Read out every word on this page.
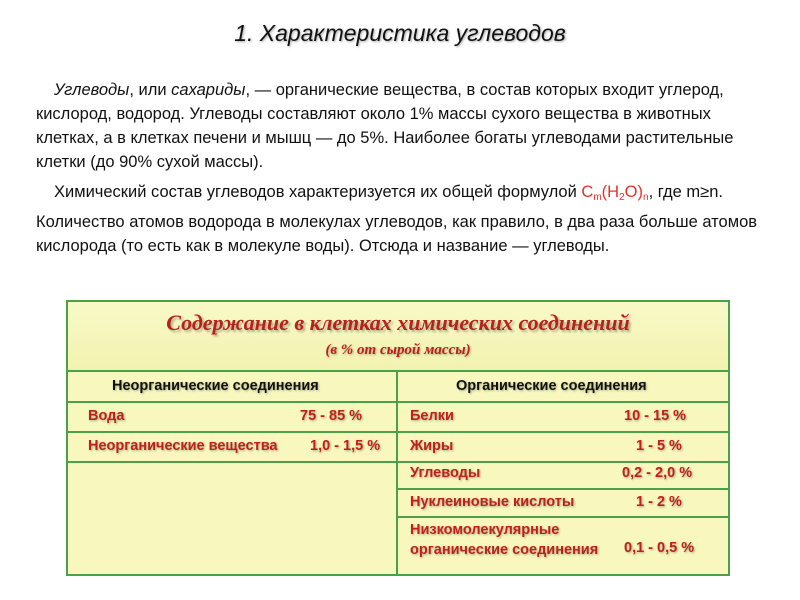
1. Характеристика углеводов
Углеводы, или сахариды, — органические вещества, в состав которых входит углерод, кислород, водород. Углеводы составляют около 1% массы сухого вещества в животных клетках, а в клетках печени и мышц — до 5%. Наиболее богаты углеводами растительные клетки (до 90% сухой массы).
Химический состав углеводов характеризуется их общей формулой $C_m(H_2O)_n$, где m≥n. Количество атомов водорода в молекулах углеводов, как правило, в два раза больше атомов кислорода (то есть как в молекуле воды). Отсюда и название — углеводы.
Содержание в клетках химических соединений
(в % от сырой массы)
Неорганические соединения	Органические соединения
Вода	75 - 85 %
Неорганические вещества 1,0 - 1,5 %
Белки	10 - 15 %
Жиры	1 - 5 %
Углеводы	0,2 - 2,0 %
Нуклеиновые кислоты	1 - 2 %
Низкомолекулярные органические соединения	0,1 - 0,5 %
